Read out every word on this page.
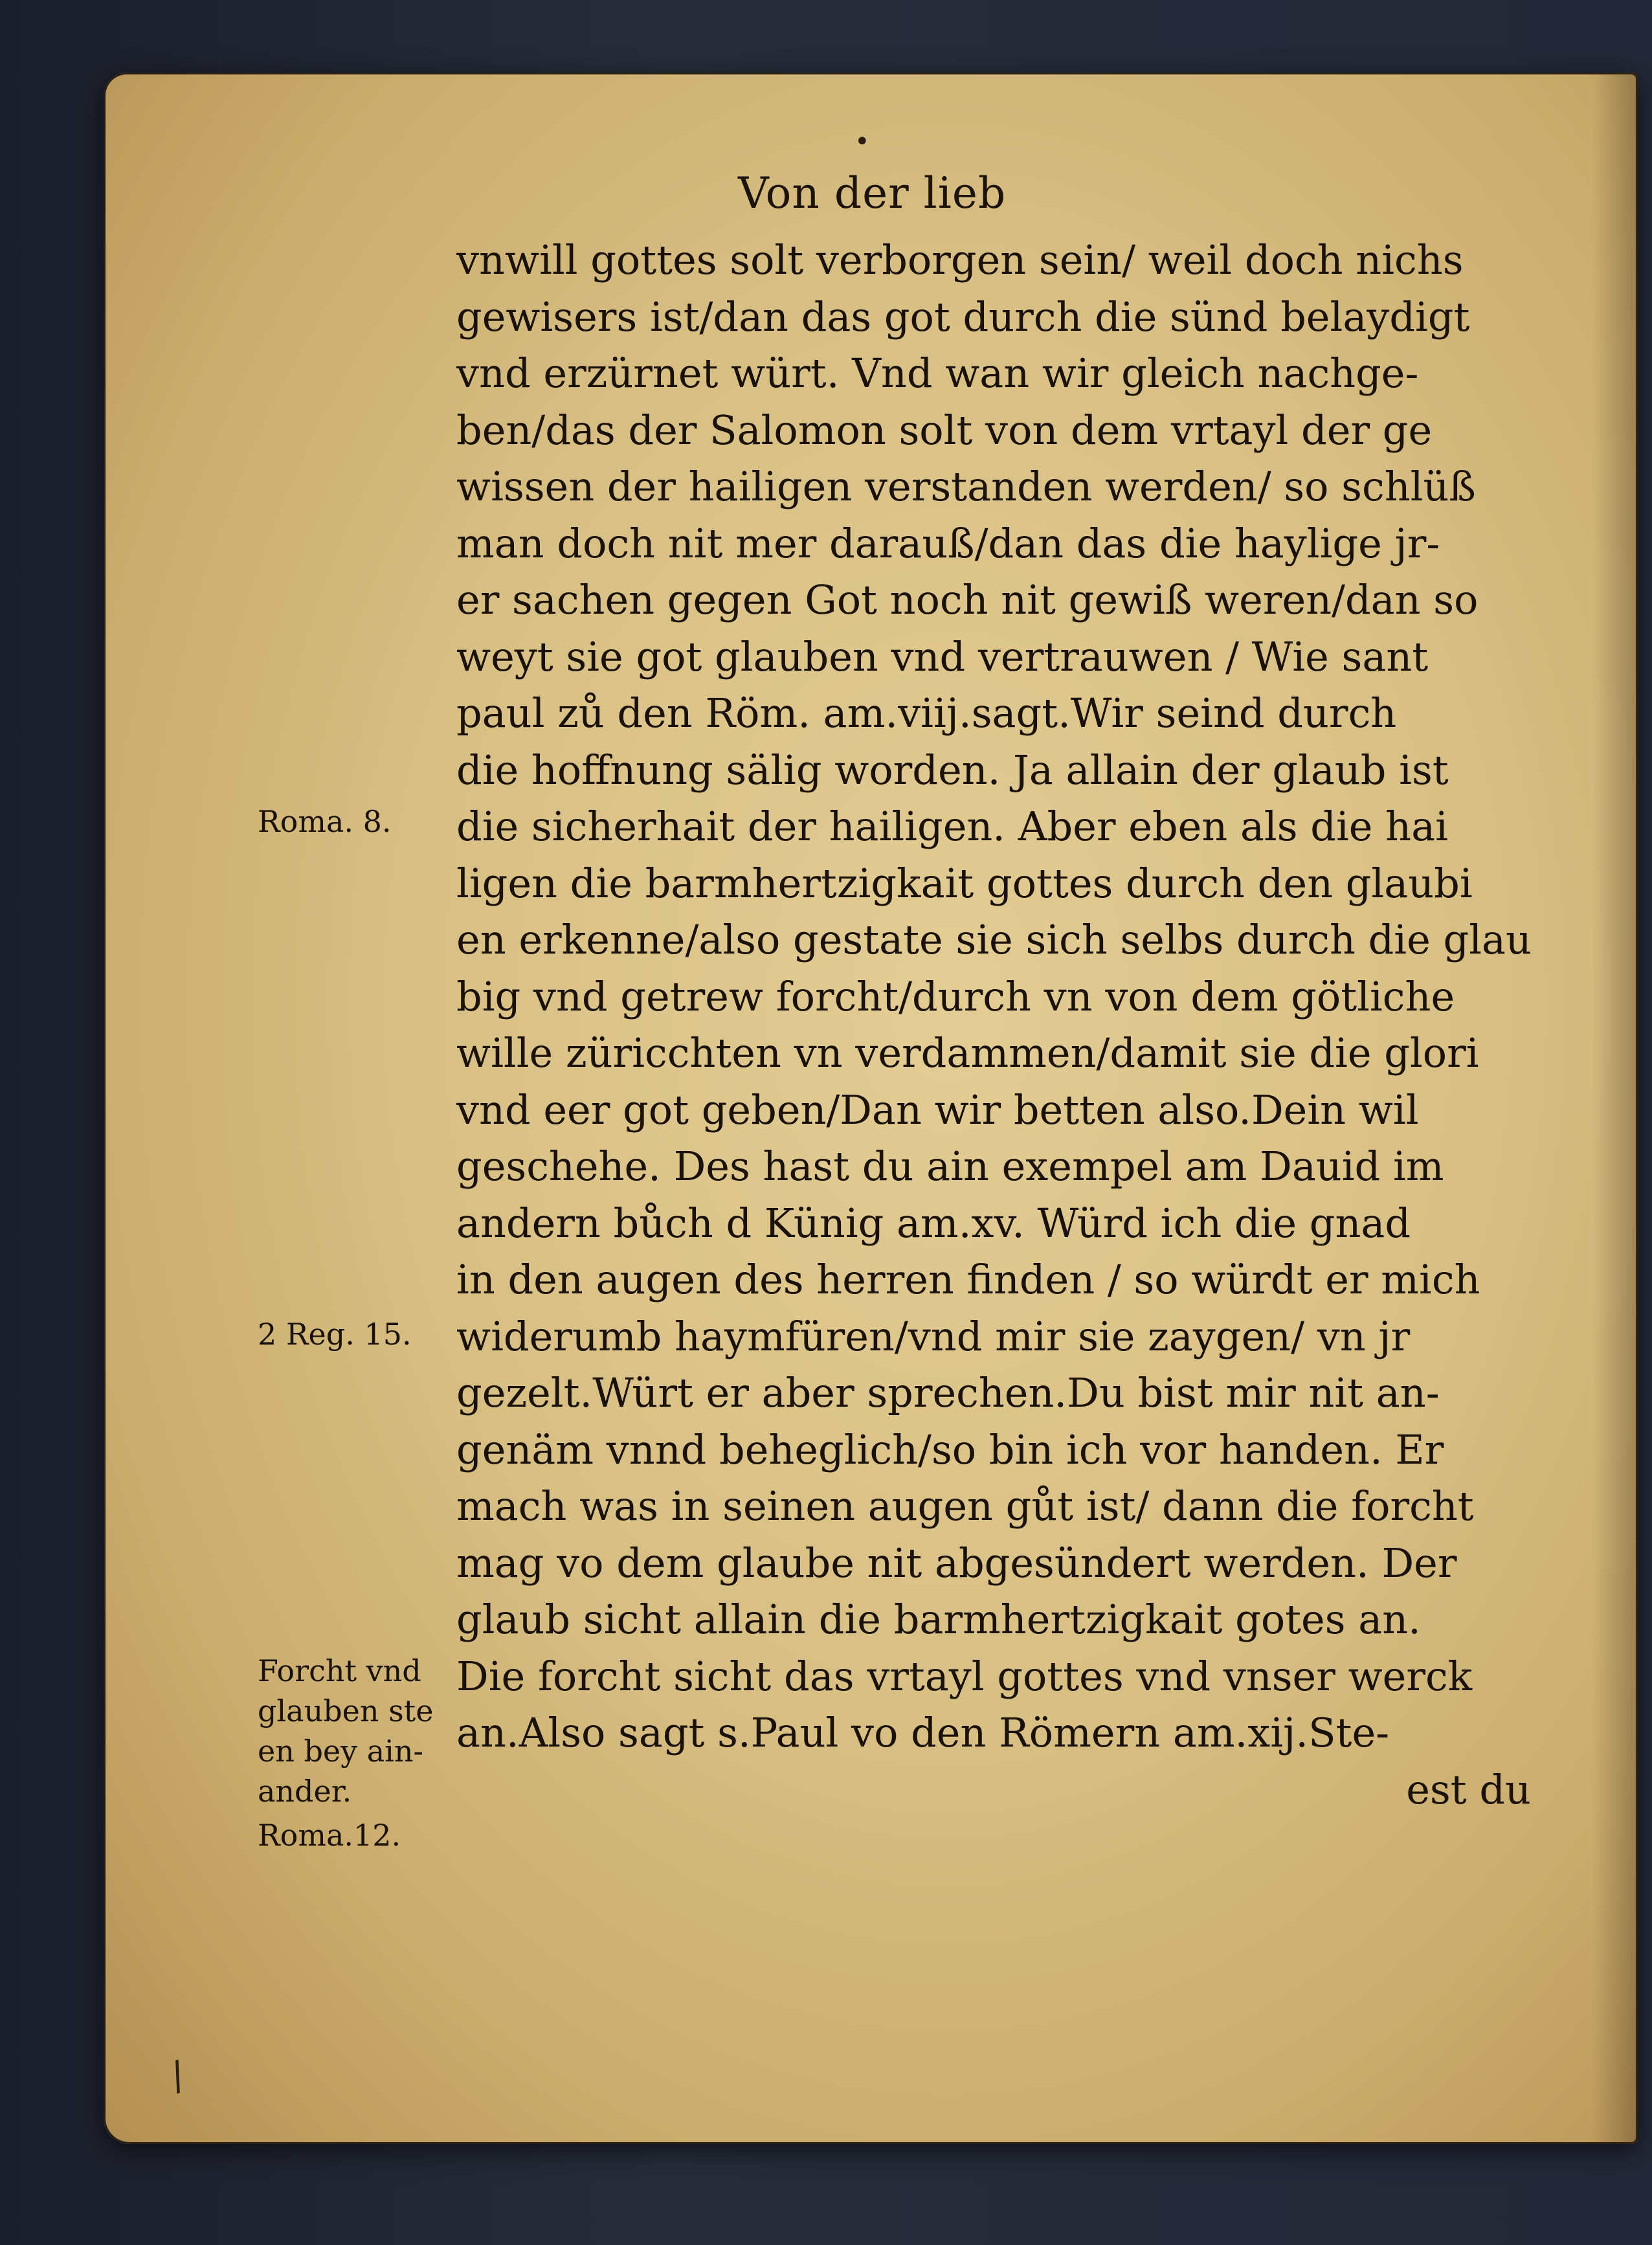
•
/
Von der lieb
vnwill gottes solt verborgen sein/ weil doch nichs
gewisers ist/dan das got durch die sünd belaydigt
vnd erzürnet würt. Vnd wan wir gleich nachge-
ben/das der Salomon solt von dem vrtayl der ge
wissen der hailigen verstanden werden/ so schlüß
man doch nit mer darauß/dan das die haylige jr-
er sachen gegen Got noch nit gewiß weren/dan so
weyt sie got glauben vnd vertrauwen / Wie sant
paul zů den Röm. am.viij.sagt.Wir seind durch
die hoffnung sälig worden. Ja allain der glaub ist
die sicherhait der hailigen. Aber eben als die hai
ligen die barmhertzigkait gottes durch den glaubi
en erkenne/also gestate sie sich selbs durch die glau
big vnd getrew forcht/durch vn von dem götliche
wille züricchten vn verdammen/damit sie die glori
vnd eer got geben/Dan wir betten also.Dein wil
geschehe. Des hast du ain exempel am Dauid im
andern bůch d Künig am.xv. Würd ich die gnad
in den augen des herren finden / so würdt er mich
widerumb haymfüren/vnd mir sie zaygen/ vn jr
gezelt.Würt er aber sprechen.Du bist mir nit an-
genäm vnnd beheglich/so bin ich vor handen. Er
mach was in seinen augen gůt ist/ dann die forcht
mag vo dem glaube nit abgesündert werden. Der
glaub sicht allain die barmhertzigkait gotes an.
Die forcht sicht das vrtayl gottes vnd vnser werck
an.Also sagt s.Paul vo den Römern am.xij.Ste-
est du
Roma. 8.
2 Reg. 15.
Forcht vnd
glauben ste
en bey ain-
ander.
Roma.12.
